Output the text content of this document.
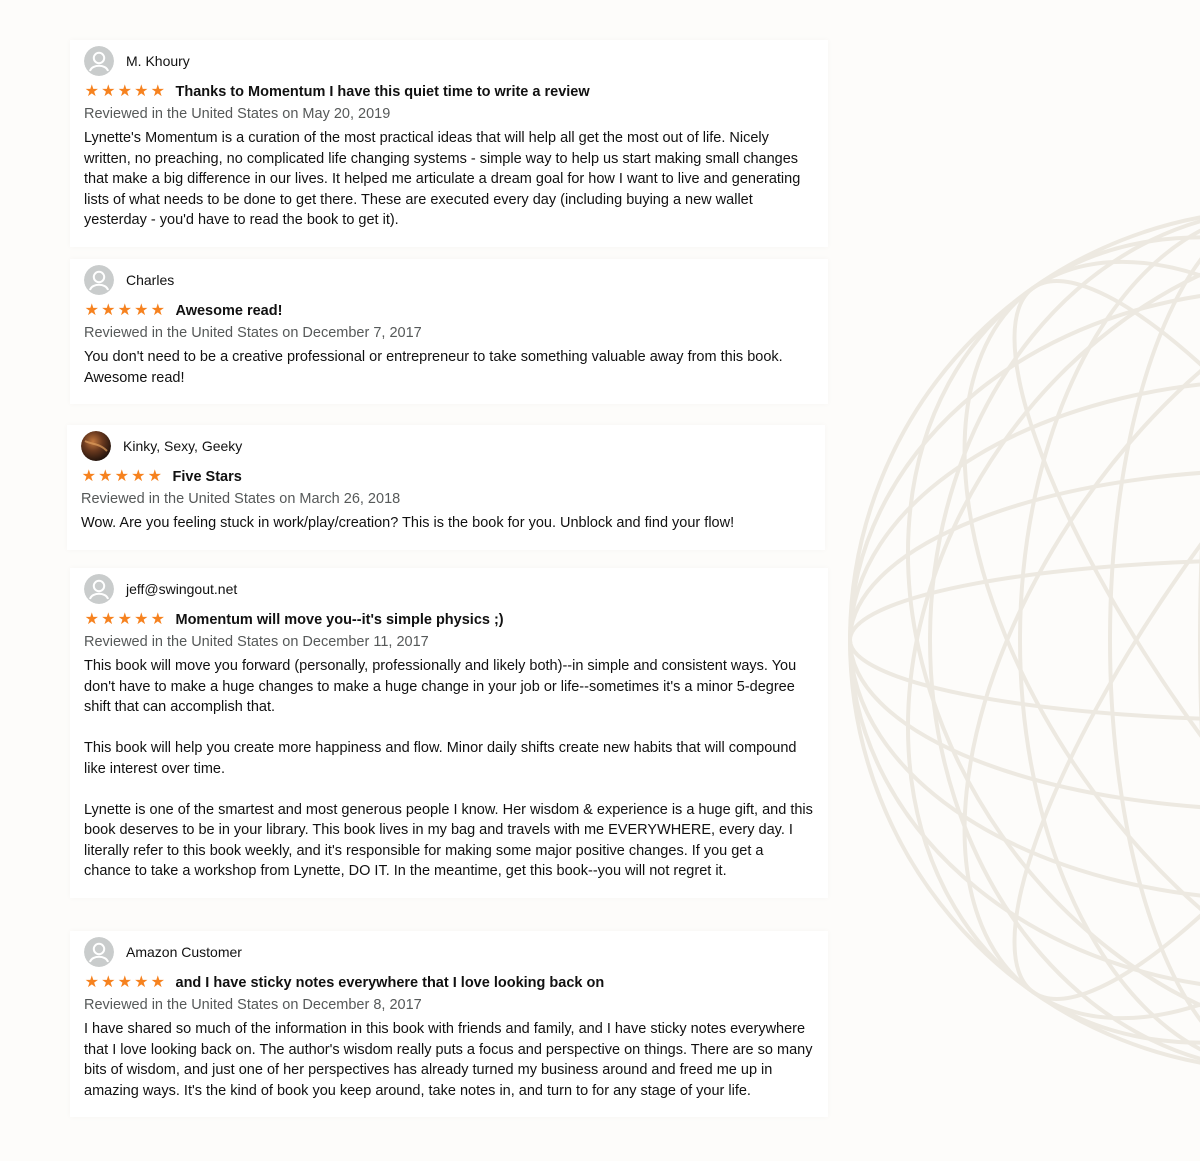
M. Khoury
★ ★ ★ ★ ★ Thanks to Momentum I have this quiet time to write a review
Reviewed in the United States on May 20, 2019

Lynette's Momentum is a curation of the most practical ideas that will help all get the most out of life. Nicely written, no preaching, no complicated life changing systems - simple way to help us start making small changes that make a big difference in our lives. It helped me articulate a dream goal for how I want to live and generating lists of what needs to be done to get there. These are executed every day (including buying a new wallet yesterday - you'd have to read the book to get it).

Charles
★ ★ ★ ★ ★ Awesome read!
Reviewed in the United States on December 7, 2017

You don't need to be a creative professional or entrepreneur to take something valuable away from this book. Awesome read!

Kinky, Sexy, Geeky
★ ★ ★ ★ ★ Five Stars
Reviewed in the United States on March 26, 2018

Wow. Are you feeling stuck in work/play/creation? This is the book for you. Unblock and find your flow!

jeff@swingout.net
★ ★ ★ ★ ★ Momentum will move you--it's simple physics ;)
Reviewed in the United States on December 11, 2017

This book will move you forward (personally, professionally and likely both)--in simple and consistent ways. You don't have to make a huge changes to make a huge change in your job or life--sometimes it's a minor 5-degree shift that can accomplish that.

This book will help you create more happiness and flow. Minor daily shifts create new habits that will compound like interest over time.

Lynette is one of the smartest and most generous people I know. Her wisdom & experience is a huge gift, and this book deserves to be in your library. This book lives in my bag and travels with me EVERYWHERE, every day. I literally refer to this book weekly, and it's responsible for making some major positive changes. If you get a chance to take a workshop from Lynette, DO IT. In the meantime, get this book--you will not regret it.

Amazon Customer
★ ★ ★ ★ ★ and I have sticky notes everywhere that I love looking back on
Reviewed in the United States on December 8, 2017

I have shared so much of the information in this book with friends and family, and I have sticky notes everywhere that I love looking back on. The author's wisdom really puts a focus and perspective on things. There are so many bits of wisdom, and just one of her perspectives has already turned my business around and freed me up in amazing ways. It's the kind of book you keep around, take notes in, and turn to for any stage of your life.
